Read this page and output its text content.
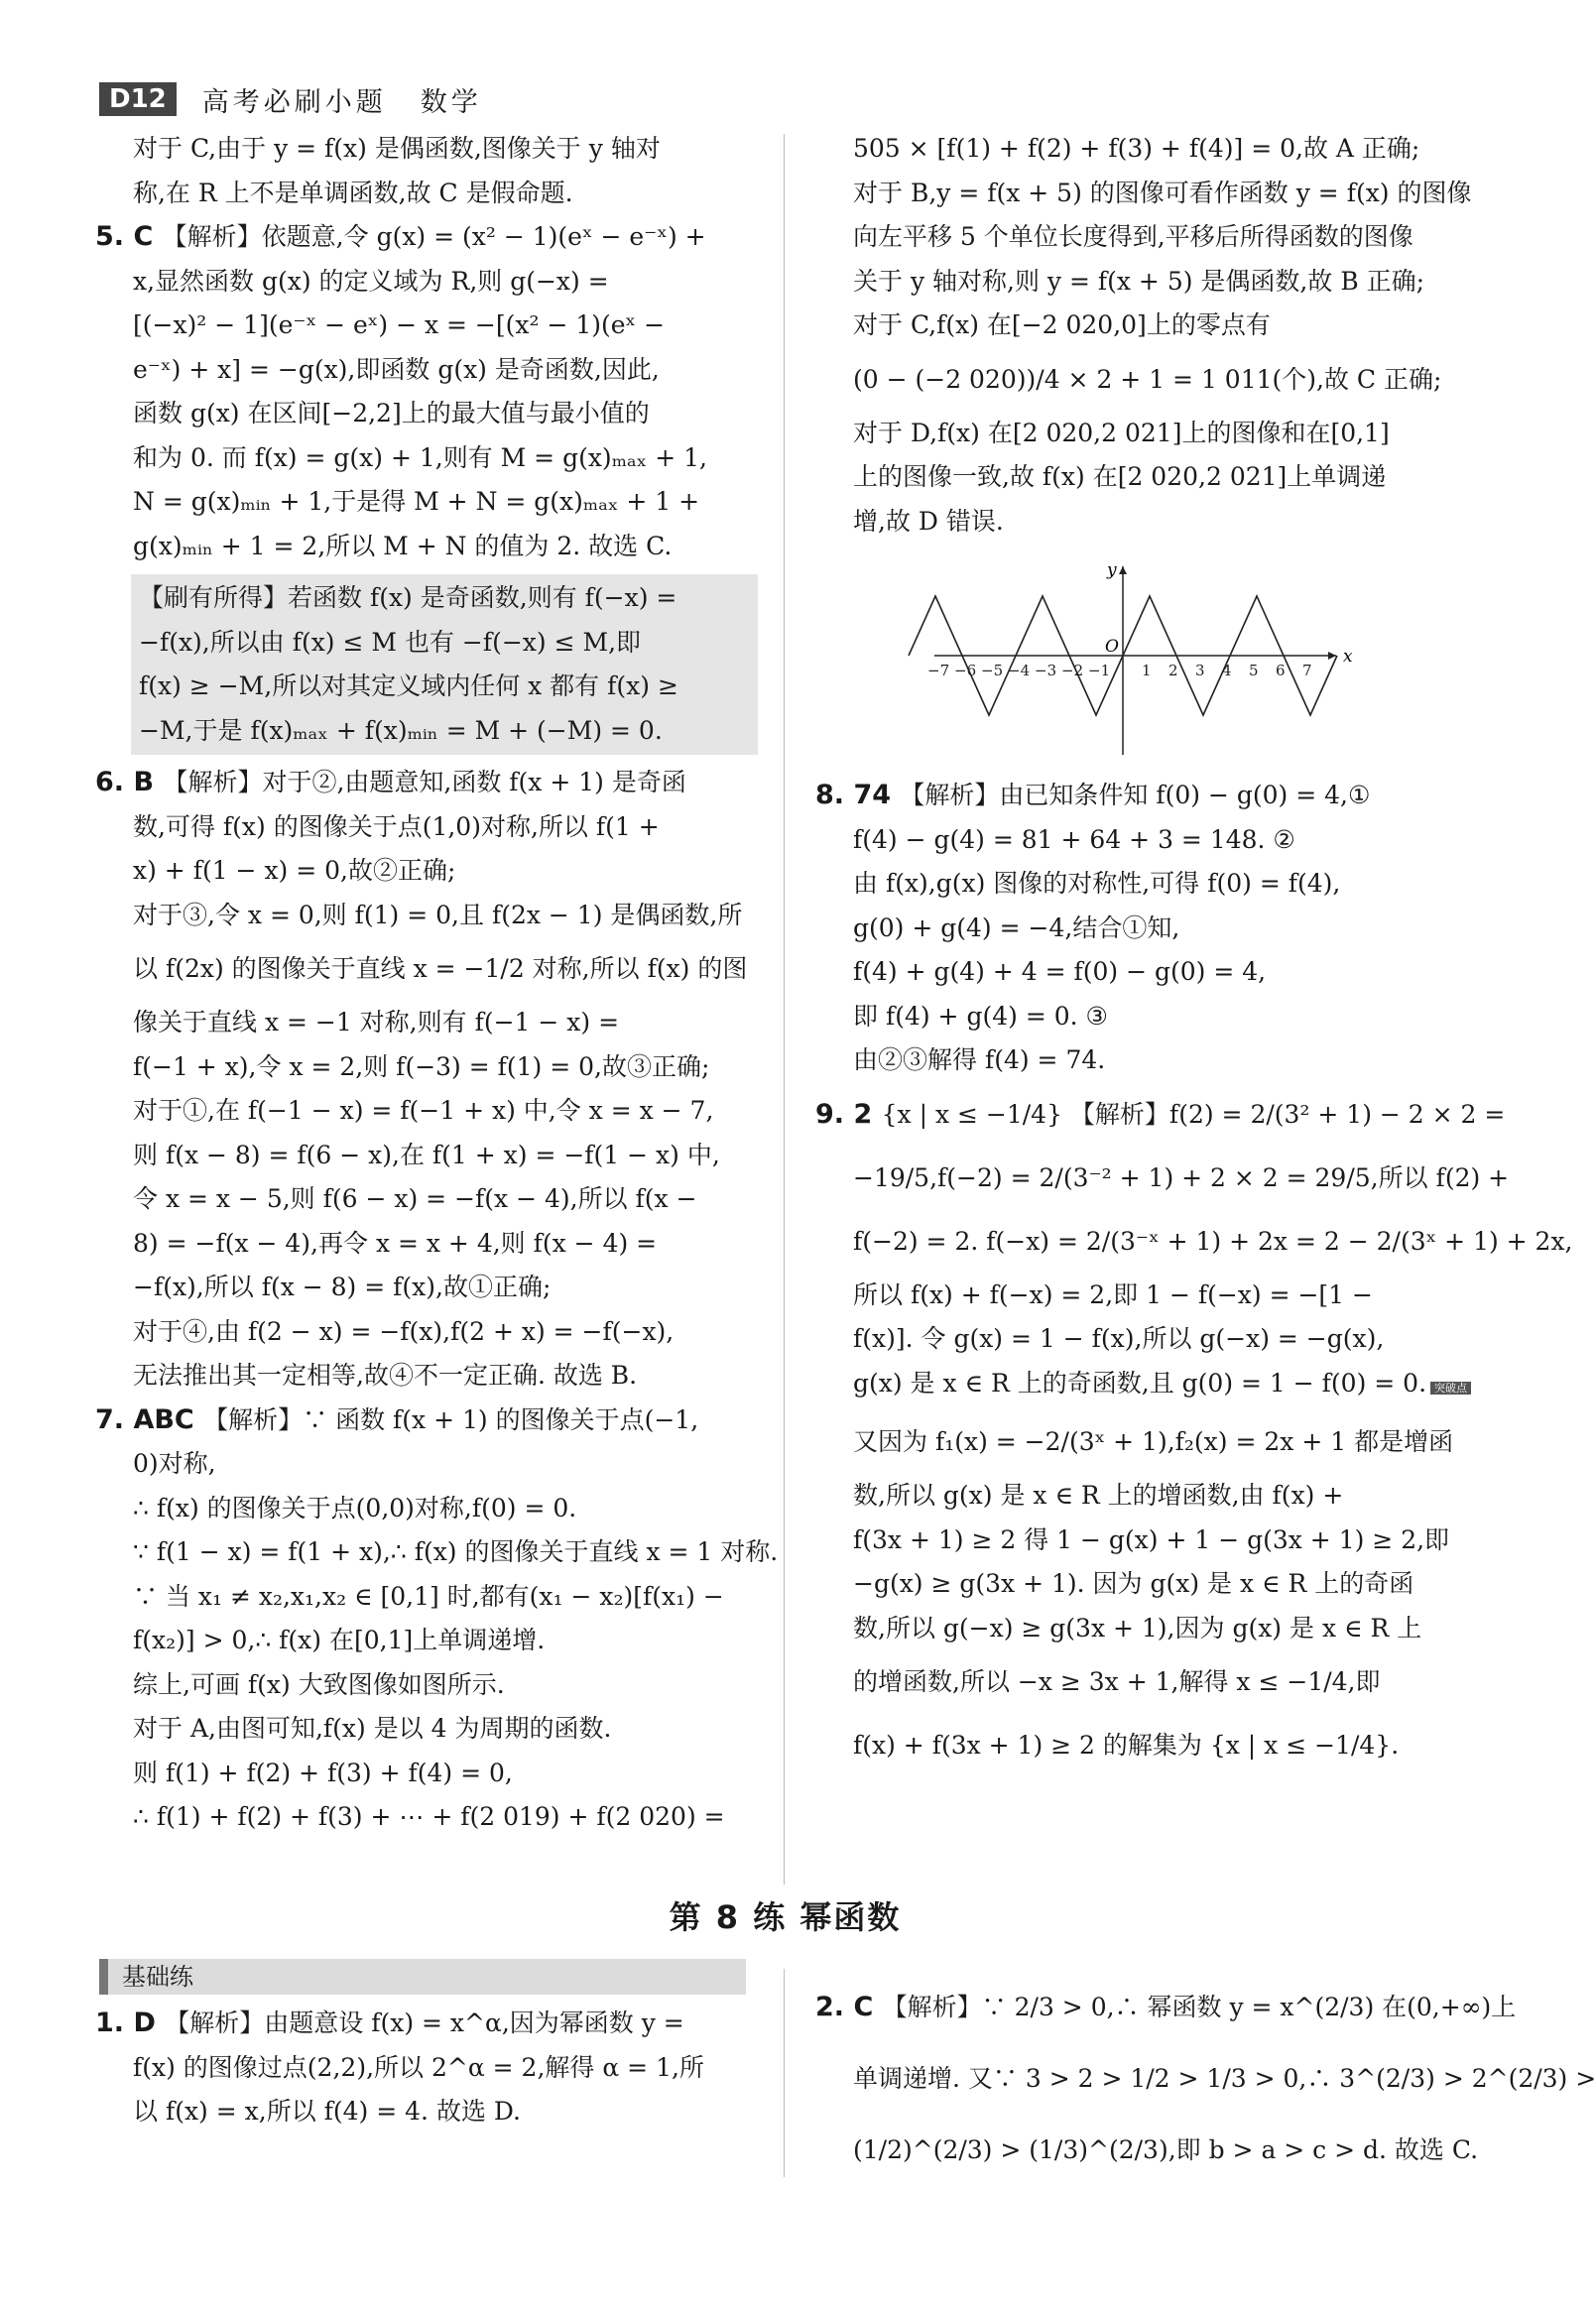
D12	高考必刷小题 数学
对于 C,由于 y = f(x) 是偶函数,图像关于 y 轴对
称,在 R 上不是单调函数,故 C 是假命题.
5. C 【解析】依题意,令 g(x) = (x² − 1)(eˣ − e⁻ˣ) +
x,显然函数 g(x) 的定义域为 R,则 g(−x) =
[(−x)² − 1](e⁻ˣ − eˣ) − x = −[(x² − 1)(eˣ −
e⁻ˣ) + x] = −g(x),即函数 g(x) 是奇函数,因此,
函数 g(x) 在区间[−2,2]上的最大值与最小值的
和为 0. 而 f(x) = g(x) + 1,则有 M = g(x)ₘₐₓ + 1,
N = g(x)ₘᵢₙ + 1,于是得 M + N = g(x)ₘₐₓ + 1 +
g(x)ₘᵢₙ + 1 = 2,所以 M + N 的值为 2. 故选 C.
【刷有所得】若函数 f(x) 是奇函数,则有 f(−x) =
−f(x),所以由 f(x) ≤ M 也有 −f(−x) ≤ M,即
f(x) ≥ −M,所以对其定义域内任何 x 都有 f(x) ≥
−M,于是 f(x)ₘₐₓ + f(x)ₘᵢₙ = M + (−M) = 0.
6. B 【解析】对于②,由题意知,函数 f(x + 1) 是奇函
数,可得 f(x) 的图像关于点(1,0)对称,所以 f(1 +
x) + f(1 − x) = 0,故②正确;
对于③,令 x = 0,则 f(1) = 0,且 f(2x − 1) 是偶函数,所
以 f(2x) 的图像关于直线 x = −1/2 对称,所以 f(x) 的图
像关于直线 x = −1 对称,则有 f(−1 − x) =
f(−1 + x),令 x = 2,则 f(−3) = f(1) = 0,故③正确;
对于①,在 f(−1 − x) = f(−1 + x) 中,令 x = x − 7,
则 f(x − 8) = f(6 − x),在 f(1 + x) = −f(1 − x) 中,
令 x = x − 5,则 f(6 − x) = −f(x − 4),所以 f(x −
8) = −f(x − 4),再令 x = x + 4,则 f(x − 4) =
−f(x),所以 f(x − 8) = f(x),故①正确;
对于④,由 f(2 − x) = −f(x),f(2 + x) = −f(−x),
无法推出其一定相等,故④不一定正确. 故选 B.
7. ABC 【解析】∵ 函数 f(x + 1) 的图像关于点(−1,
0)对称,
∴ f(x) 的图像关于点(0,0)对称,f(0) = 0.
∵ f(1 − x) = f(1 + x),∴ f(x) 的图像关于直线 x = 1 对称.
∵ 当 x₁ ≠ x₂,x₁,x₂ ∈ [0,1] 时,都有(x₁ − x₂)[f(x₁) −
f(x₂)] > 0,∴ f(x) 在[0,1]上单调递增.
综上,可画 f(x) 大致图像如图所示.
对于 A,由图可知,f(x) 是以 4 为周期的函数.
则 f(1) + f(2) + f(3) + f(4) = 0,
∴ f(1) + f(2) + f(3) + ⋯ + f(2 019) + f(2 020) =
505 × [f(1) + f(2) + f(3) + f(4)] = 0,故 A 正确;
对于 B,y = f(x + 5) 的图像可看作函数 y = f(x) 的图像
向左平移 5 个单位长度得到,平移后所得函数的图像
关于 y 轴对称,则 y = f(x + 5) 是偶函数,故 B 正确;
对于 C,f(x) 在[−2 020,0]上的零点有
(0 − (−2 020))/4 × 2 + 1 = 1 011(个),故 C 正确;
对于 D,f(x) 在[2 020,2 021]上的图像和在[0,1]
上的图像一致,故 f(x) 在[2 020,2 021]上单调递
增,故 D 错误.
−7 −6 −5 −4 −3 −2 −1 1 2 3 4 5 6 7
O	x
y
8. 74 【解析】由已知条件知 f(0) − g(0) = 4,①
f(4) − g(4) = 81 + 64 + 3 = 148. ②
由 f(x),g(x) 图像的对称性,可得 f(0) = f(4),
g(0) + g(4) = −4,结合①知,
f(4) + g(4) + 4 = f(0) − g(0) = 4,
即 f(4) + g(4) = 0. ③
由②③解得 f(4) = 74.
9. 2 {x | x ≤ −1/4} 【解析】f(2) = 2/(3² + 1) − 2 × 2 =
−19/5,f(−2) = 2/(3⁻² + 1) + 2 × 2 = 29/5,所以 f(2) +
f(−2) = 2. f(−x) = 2/(3⁻ˣ + 1) + 2x = 2 − 2/(3ˣ + 1) + 2x,
所以 f(x) + f(−x) = 2,即 1 − f(−x) = −[1 −
f(x)]. 令 g(x) = 1 − f(x),所以 g(−x) = −g(x),
g(x) 是 x ∈ R 上的奇函数,且 g(0) = 1 − f(0) = 0. 突破点
又因为 f₁(x) = −2/(3ˣ + 1),f₂(x) = 2x + 1 都是增函
数,所以 g(x) 是 x ∈ R 上的增函数,由 f(x) +
f(3x + 1) ≥ 2 得 1 − g(x) + 1 − g(3x + 1) ≥ 2,即
−g(x) ≥ g(3x + 1). 因为 g(x) 是 x ∈ R 上的奇函
数,所以 g(−x) ≥ g(3x + 1),因为 g(x) 是 x ∈ R 上
的增函数,所以 −x ≥ 3x + 1,解得 x ≤ −1/4,即
f(x) + f(3x + 1) ≥ 2 的解集为 {x | x ≤ −1/4}.
第 8 练 幂函数
基础练
1. D 【解析】由题意设 f(x) = x^α,因为幂函数 y =
f(x) 的图像过点(2,2),所以 2^α = 2,解得 α = 1,所
以 f(x) = x,所以 f(4) = 4. 故选 D.
2. C 【解析】∵ 2/3 > 0,∴ 幂函数 y = x^(2/3) 在(0,+∞)上
单调递增. 又∵ 3 > 2 > 1/2 > 1/3 > 0,∴ 3^(2/3) > 2^(2/3) >
(1/2)^(2/3) > (1/3)^(2/3),即 b > a > c > d. 故选 C.
